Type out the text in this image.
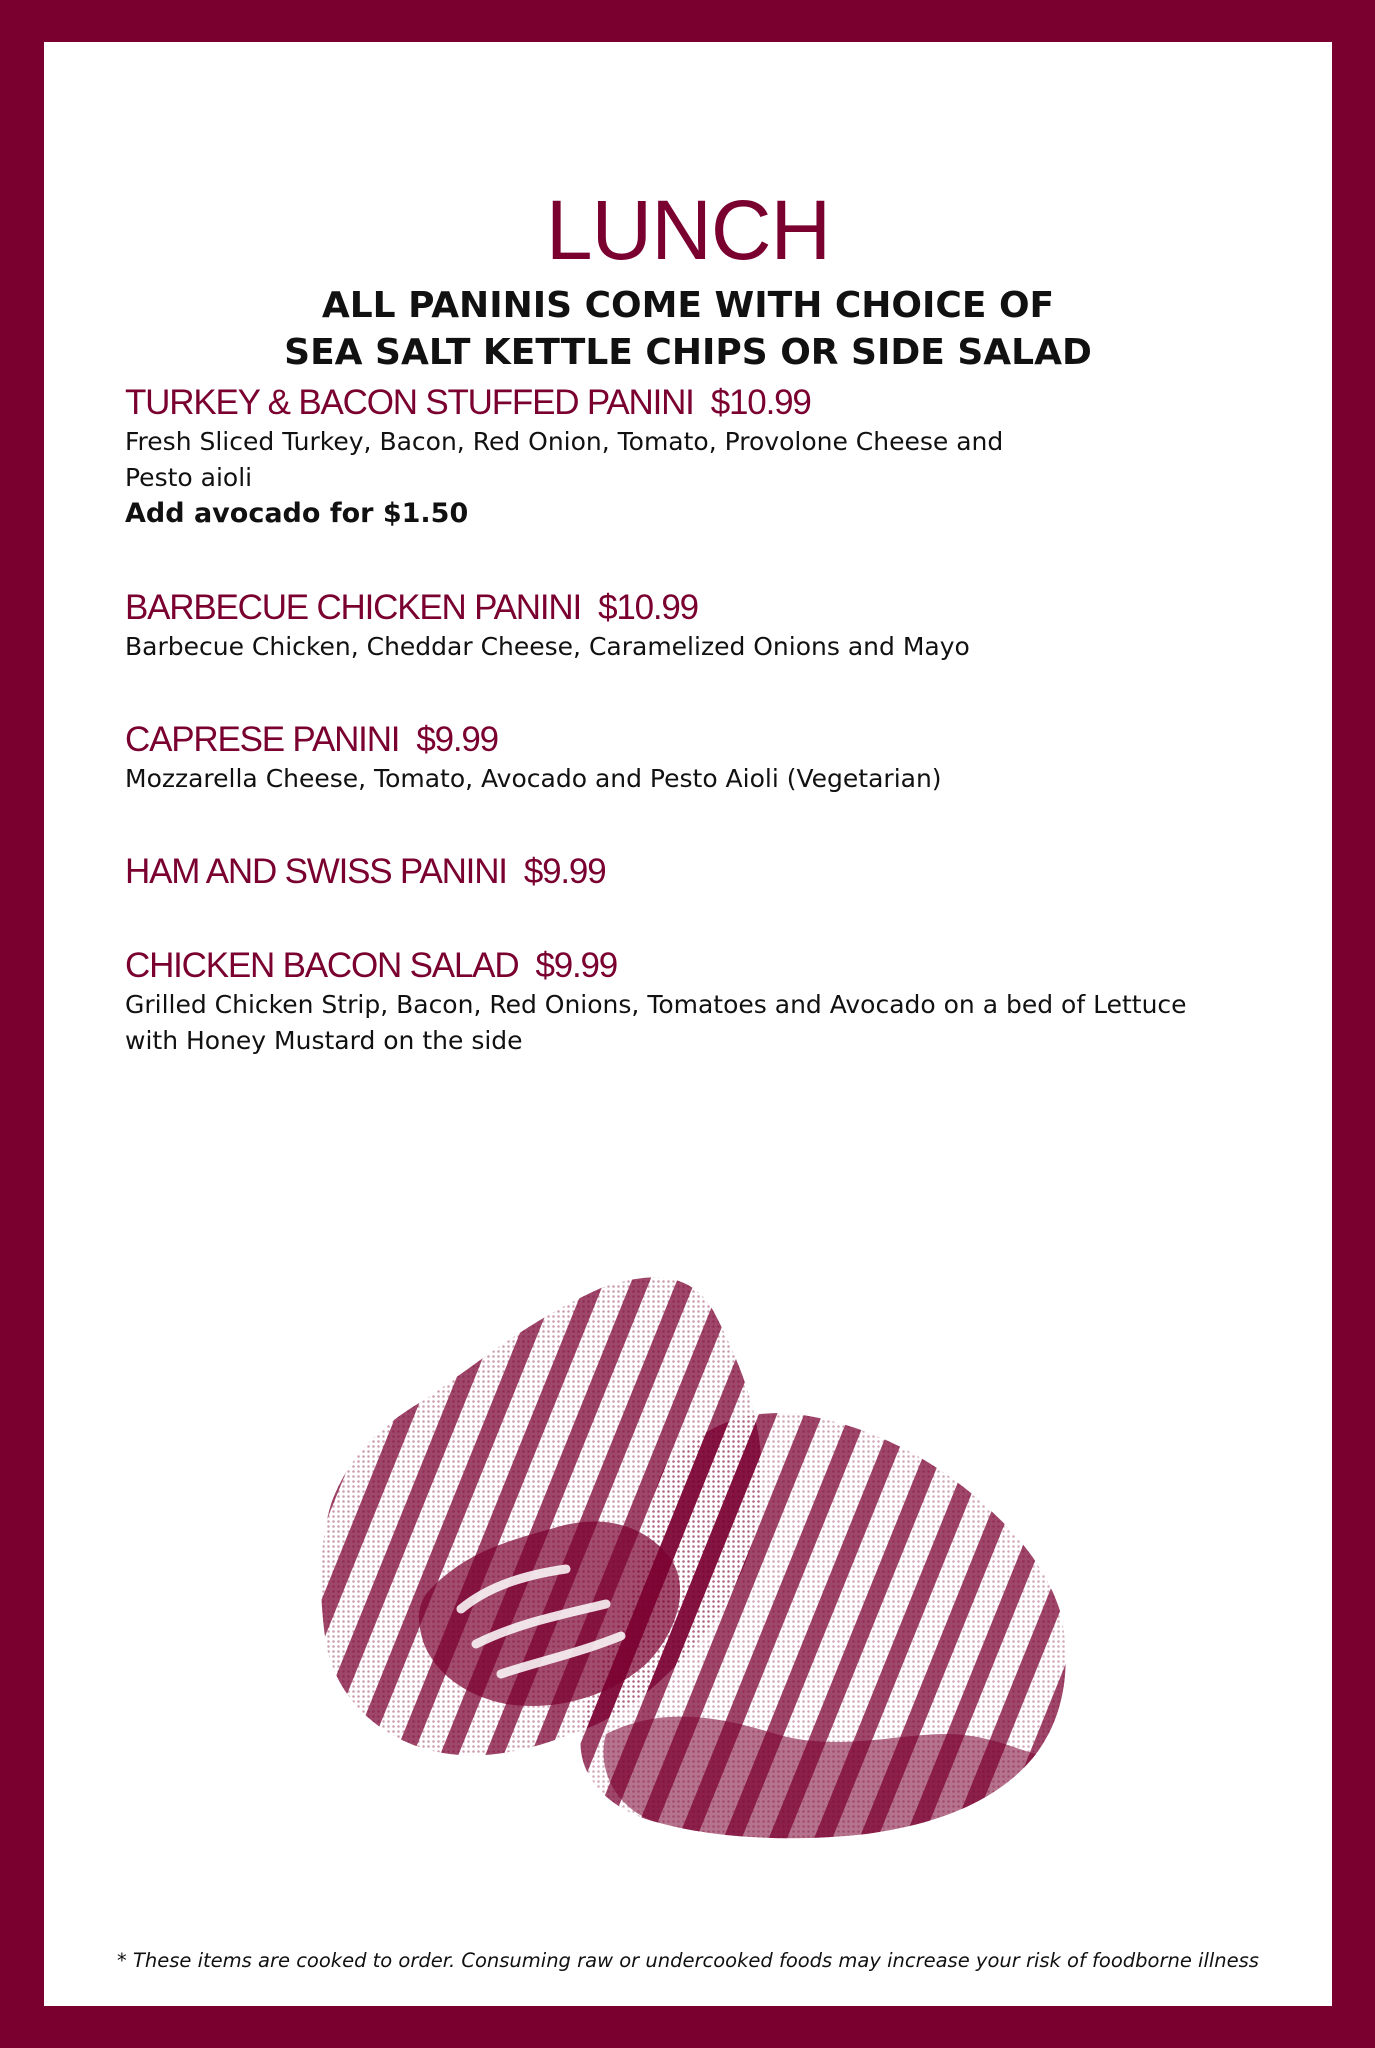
LUNCH
ALL PANINIS COME WITH CHOICE OF
SEA SALT KETTLE CHIPS OR SIDE SALAD
TURKEY & BACON STUFFED PANINI $10.99
Fresh Sliced Turkey, Bacon, Red Onion, Tomato, Provolone Cheese and
Pesto aioli
Add avocado for $1.50
BARBECUE CHICKEN PANINI $10.99
Barbecue Chicken, Cheddar Cheese, Caramelized Onions and Mayo
CAPRESE PANINI $9.99
Mozzarella Cheese, Tomato, Avocado and Pesto Aioli (Vegetarian)
HAM AND SWISS PANINI $9.99
CHICKEN BACON SALAD $9.99
Grilled Chicken Strip, Bacon, Red Onions, Tomatoes and Avocado on a bed of Lettuce
with Honey Mustard on the side
* These items are cooked to order. Consuming raw or undercooked foods may increase your risk of foodborne illness
